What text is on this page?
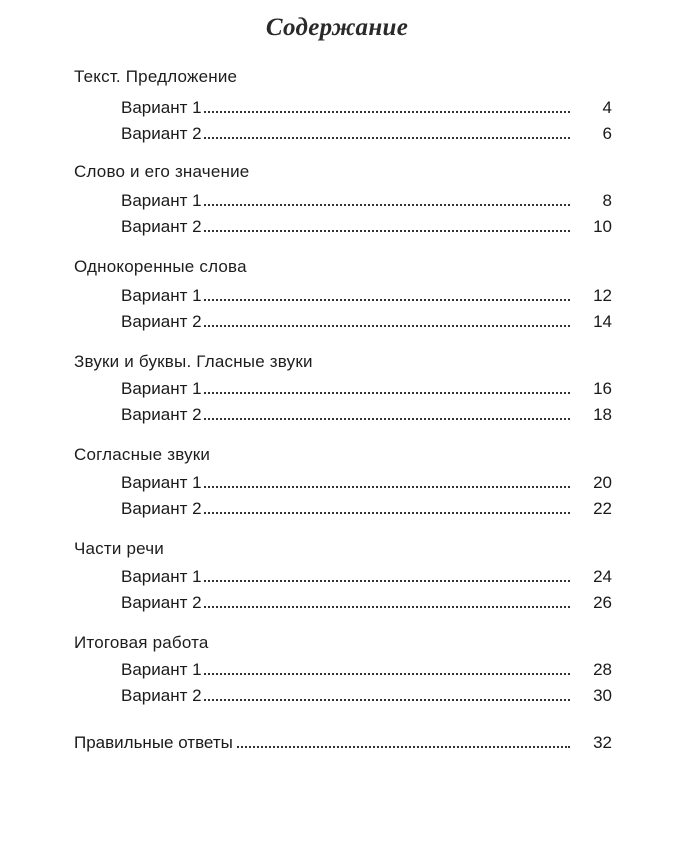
Содержание
Текст. Предложение
Вариант 1	4
Вариант 2	6
Слово и его значение
Вариант 1	8
Вариант 2	10
Однокоренные слова
Вариант 1	12
Вариант 2	14
Звуки и буквы. Гласные звуки
Вариант 1	16
Вариант 2	18
Согласные звуки
Вариант 1	20
Вариант 2	22
Части речи
Вариант 1	24
Вариант 2	26
Итоговая работа
Вариант 1	28
Вариант 2	30
Правильные ответы	32
